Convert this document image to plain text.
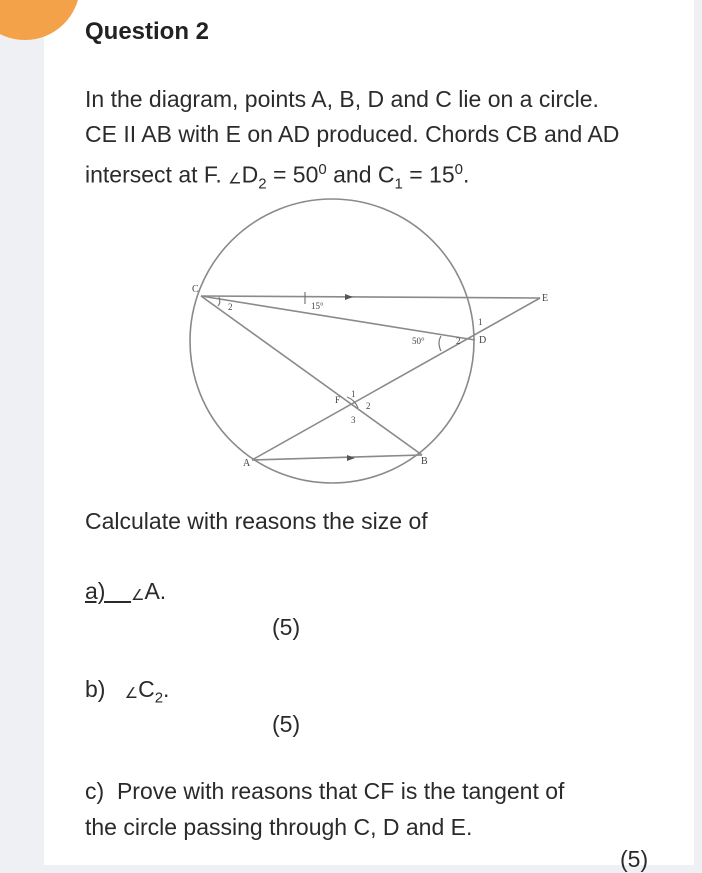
Question 2
In the diagram, points A, B, D and C lie on a circle.
CE II AB with E on AD produced. Chords CB and AD
intersect at F. $\angle D_2 = 50^0$ and $C_1 = 15^0$.
C
E
D
A	B
F
2
2
1
1
2
3
15°
50°
Calculate with reasons the size of
a) ∠A.
(5)
b) $\angle C_2$.
(5)
c) Prove with reasons that CF is the tangent of
the circle passing through C, D and E.
(5)
